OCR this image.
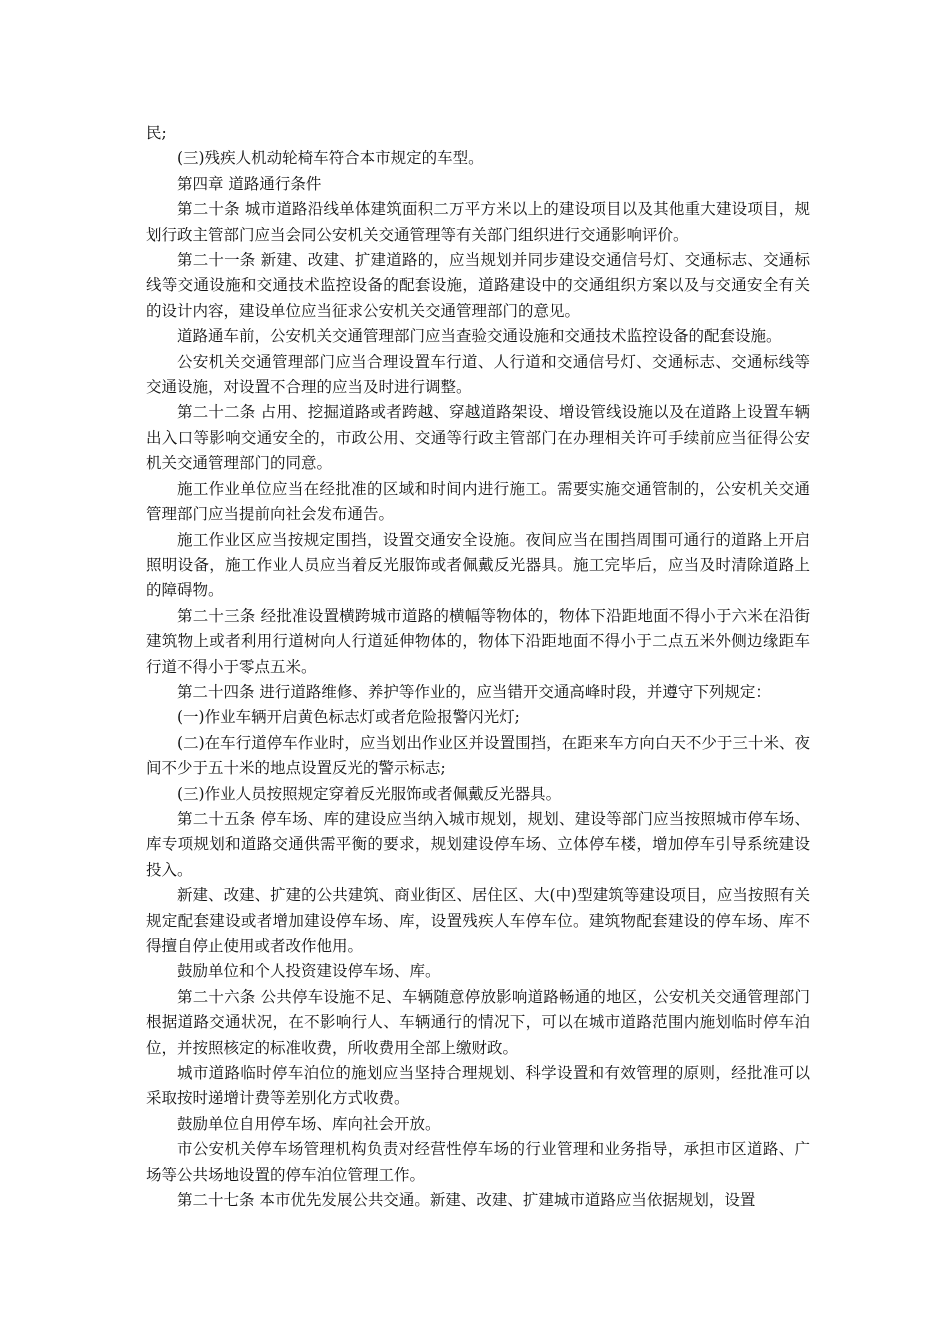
民;

(三)残疾人机动轮椅车符合本市规定的车型。

第四章 道路通行条件

第二十条 城市道路沿线单体建筑面积二万平方米以上的建设项目以及其他重大建设项目，规划行政主管部门应当会同公安机关交通管理等有关部门组织进行交通影响评价。

第二十一条 新建、改建、扩建道路的，应当规划并同步建设交通信号灯、交通标志、交通标线等交通设施和交通技术监控设备的配套设施，道路建设中的交通组织方案以及与交通安全有关的设计内容，建设单位应当征求公安机关交通管理部门的意见。

道路通车前，公安机关交通管理部门应当查验交通设施和交通技术监控设备的配套设施。

公安机关交通管理部门应当合理设置车行道、人行道和交通信号灯、交通标志、交通标线等交通设施，对设置不合理的应当及时进行调整。

第二十二条 占用、挖掘道路或者跨越、穿越道路架设、增设管线设施以及在道路上设置车辆出入口等影响交通安全的，市政公用、交通等行政主管部门在办理相关许可手续前应当征得公安机关交通管理部门的同意。

施工作业单位应当在经批准的区域和时间内进行施工。需要实施交通管制的，公安机关交通管理部门应当提前向社会发布通告。

施工作业区应当按规定围挡，设置交通安全设施。夜间应当在围挡周围可通行的道路上开启照明设备，施工作业人员应当着反光服饰或者佩戴反光器具。施工完毕后，应当及时清除道路上的障碍物。

第二十三条 经批准设置横跨城市道路的横幅等物体的，物体下沿距地面不得小于六米在沿街建筑物上或者利用行道树向人行道延伸物体的，物体下沿距地面不得小于二点五米外侧边缘距车行道不得小于零点五米。

第二十四条 进行道路维修、养护等作业的，应当错开交通高峰时段，并遵守下列规定：

(一)作业车辆开启黄色标志灯或者危险报警闪光灯;

(二)在车行道停车作业时，应当划出作业区并设置围挡，在距来车方向白天不少于三十米、夜间不少于五十米的地点设置反光的警示标志;

(三)作业人员按照规定穿着反光服饰或者佩戴反光器具。

第二十五条 停车场、库的建设应当纳入城市规划，规划、建设等部门应当按照城市停车场、库专项规划和道路交通供需平衡的要求，规划建设停车场、立体停车楼，增加停车引导系统建设投入。

新建、改建、扩建的公共建筑、商业街区、居住区、大(中)型建筑等建设项目，应当按照有关规定配套建设或者增加建设停车场、库，设置残疾人车停车位。建筑物配套建设的停车场、库不得擅自停止使用或者改作他用。

鼓励单位和个人投资建设停车场、库。

第二十六条 公共停车设施不足、车辆随意停放影响道路畅通的地区，公安机关交通管理部门根据道路交通状况，在不影响行人、车辆通行的情况下，可以在城市道路范围内施划临时停车泊位，并按照核定的标准收费，所收费用全部上缴财政。

城市道路临时停车泊位的施划应当坚持合理规划、科学设置和有效管理的原则，经批准可以采取按时递增计费等差别化方式收费。

鼓励单位自用停车场、库向社会开放。

市公安机关停车场管理机构负责对经营性停车场的行业管理和业务指导，承担市区道路、广场等公共场地设置的停车泊位管理工作。

第二十七条 本市优先发展公共交通。新建、改建、扩建城市道路应当依据规划，设置
